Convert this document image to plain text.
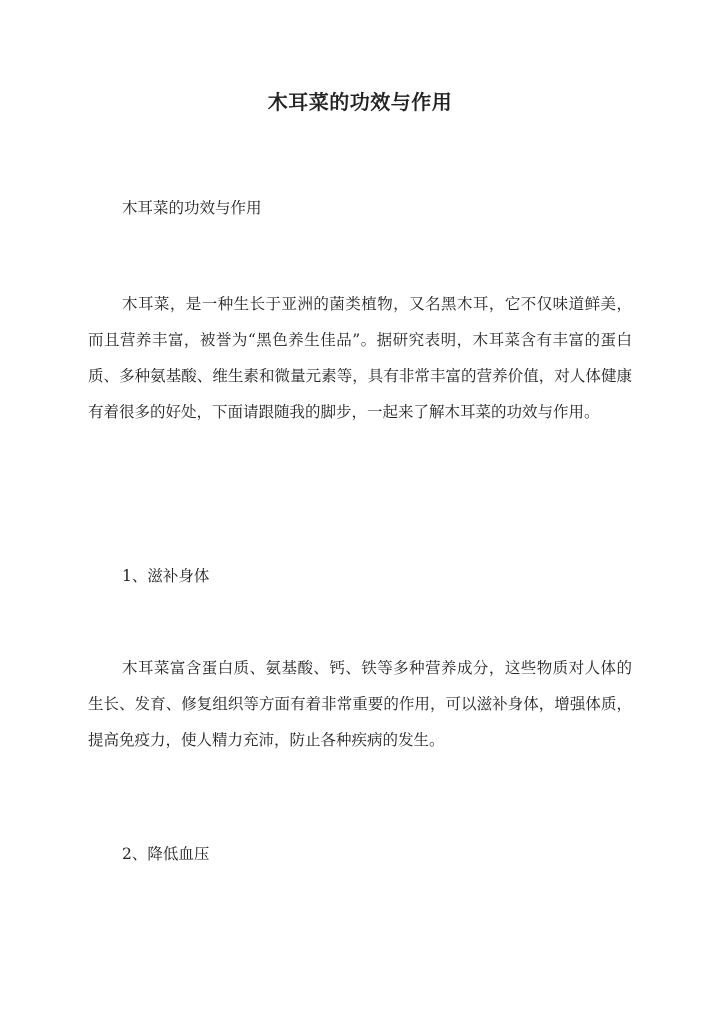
木耳菜的功效与作用

木耳菜的功效与作用

木耳菜，是一种生长于亚洲的菌类植物，又名黑木耳，它不仅味道鲜美，而且营养丰富，被誉为“黑色养生佳品”。据研究表明，木耳菜含有丰富的蛋白质、多种氨基酸、维生素和微量元素等，具有非常丰富的营养价值，对人体健康有着很多的好处，下面请跟随我的脚步，一起来了解木耳菜的功效与作用。

1、滋补身体

木耳菜富含蛋白质、氨基酸、钙、铁等多种营养成分，这些物质对人体的生长、发育、修复组织等方面有着非常重要的作用，可以滋补身体，增强体质，提高免疫力，使人精力充沛，防止各种疾病的发生。

2、降低血压
